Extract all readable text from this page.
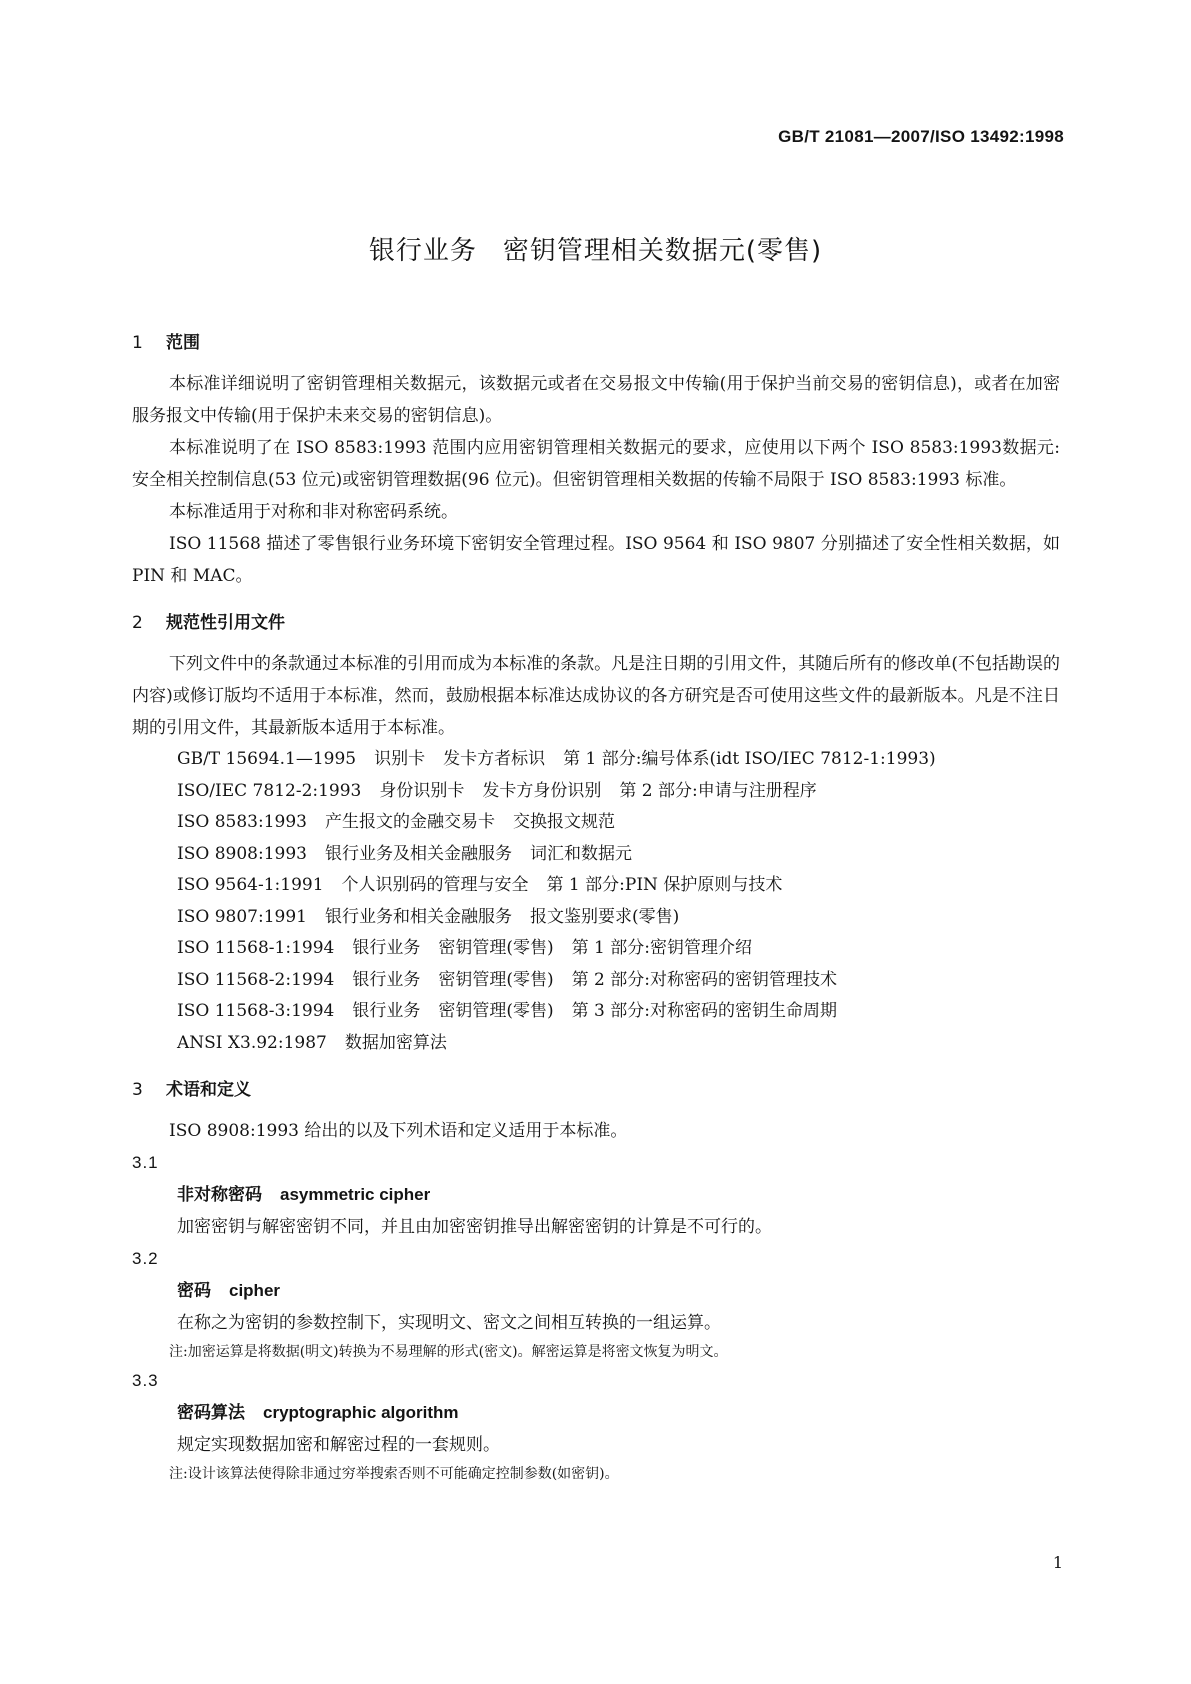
GB/T 21081—2007/ISO 13492:1998
银行业务 密钥管理相关数据元(零售)
1 范围

本标准详细说明了密钥管理相关数据元，该数据元或者在交易报文中传输(用于保护当前交易的密钥信息)，或者在加密服务报文中传输(用于保护未来交易的密钥信息)。

本标准说明了在 ISO 8583:1993 范围内应用密钥管理相关数据元的要求，应使用以下两个 ISO 8583:1993数据元:安全相关控制信息(53 位元)或密钥管理数据(96 位元)。但密钥管理相关数据的传输不局限于 ISO 8583:1993 标准。

本标准适用于对称和非对称密码系统。

ISO 11568 描述了零售银行业务环境下密钥安全管理过程。ISO 9564 和 ISO 9807 分别描述了安全性相关数据，如 PIN 和 MAC。

2 规范性引用文件

下列文件中的条款通过本标准的引用而成为本标准的条款。凡是注日期的引用文件，其随后所有的修改单(不包括勘误的内容)或修订版均不适用于本标准，然而，鼓励根据本标准达成协议的各方研究是否可使用这些文件的最新版本。凡是不注日期的引用文件，其最新版本适用于本标准。

GB/T 15694.1—1995 识别卡 发卡方者标识 第 1 部分:编号体系(idt ISO/IEC 7812-1:1993)
ISO/IEC 7812-2:1993 身份识别卡 发卡方身份识别 第 2 部分:申请与注册程序
ISO 8583:1993 产生报文的金融交易卡 交换报文规范
ISO 8908:1993 银行业务及相关金融服务 词汇和数据元
ISO 9564-1:1991 个人识别码的管理与安全 第 1 部分:PIN 保护原则与技术
ISO 9807:1991 银行业务和相关金融服务 报文鉴别要求(零售)
ISO 11568-1:1994 银行业务 密钥管理(零售) 第 1 部分:密钥管理介绍
ISO 11568-2:1994 银行业务 密钥管理(零售) 第 2 部分:对称密码的密钥管理技术
ISO 11568-3:1994 银行业务 密钥管理(零售) 第 3 部分:对称密码的密钥生命周期
ANSI X3.92:1987 数据加密算法
3 术语和定义

ISO 8908:1993 给出的以及下列术语和定义适用于本标准。

3.1
非对称密码 asymmetric cipher
加密密钥与解密密钥不同，并且由加密密钥推导出解密密钥的计算是不可行的。
3.2
密码 cipher
在称之为密钥的参数控制下，实现明文、密文之间相互转换的一组运算。
注:加密运算是将数据(明文)转换为不易理解的形式(密文)。解密运算是将密文恢复为明文。
3.3
密码算法 cryptographic algorithm
规定实现数据加密和解密过程的一套规则。
注:设计该算法使得除非通过穷举搜索否则不可能确定控制参数(如密钥)。
1
